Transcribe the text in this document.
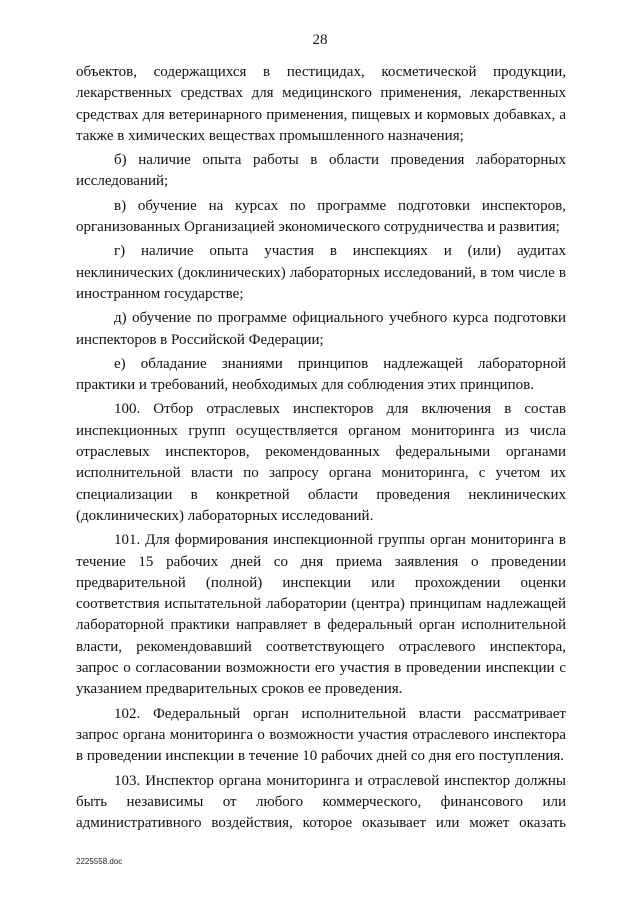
28

объектов, содержащихся в пестицидах, косметической продукции, лекарственных средствах для медицинского применения, лекарственных средствах для ветеринарного применения, пищевых и кормовых добавках, а также в химических веществах промышленного назначения;

б) наличие опыта работы в области проведения лабораторных исследований;

в) обучение на курсах по программе подготовки инспекторов, организованных Организацией экономического сотрудничества и развития;

г) наличие опыта участия в инспекциях и (или) аудитах неклинических (доклинических) лабораторных исследований, в том числе в иностранном государстве;

д) обучение по программе официального учебного курса подготовки инспекторов в Российской Федерации;

е) обладание знаниями принципов надлежащей лабораторной практики и требований, необходимых для соблюдения этих принципов.

100. Отбор отраслевых инспекторов для включения в состав инспекционных групп осуществляется органом мониторинга из числа отраслевых инспекторов, рекомендованных федеральными органами исполнительной власти по запросу органа мониторинга, с учетом их специализации в конкретной области проведения неклинических (доклинических) лабораторных исследований.

101. Для формирования инспекционной группы орган мониторинга в течение 15 рабочих дней со дня приема заявления о проведении предварительной (полной) инспекции или прохождении оценки соответствия испытательной лаборатории (центра) принципам надлежащей лабораторной практики направляет в федеральный орган исполнительной власти, рекомендовавший соответствующего отраслевого инспектора, запрос о согласовании возможности его участия в проведении инспекции с указанием предварительных сроков ее проведения.

102. Федеральный орган исполнительной власти рассматривает запрос органа мониторинга о возможности участия отраслевого инспектора в проведении инспекции в течение 10 рабочих дней со дня его поступления.

103. Инспектор органа мониторинга и отраслевой инспектор должны быть независимы от любого коммерческого, финансового или административного воздействия, которое оказывает или может оказать

2225558.doc
